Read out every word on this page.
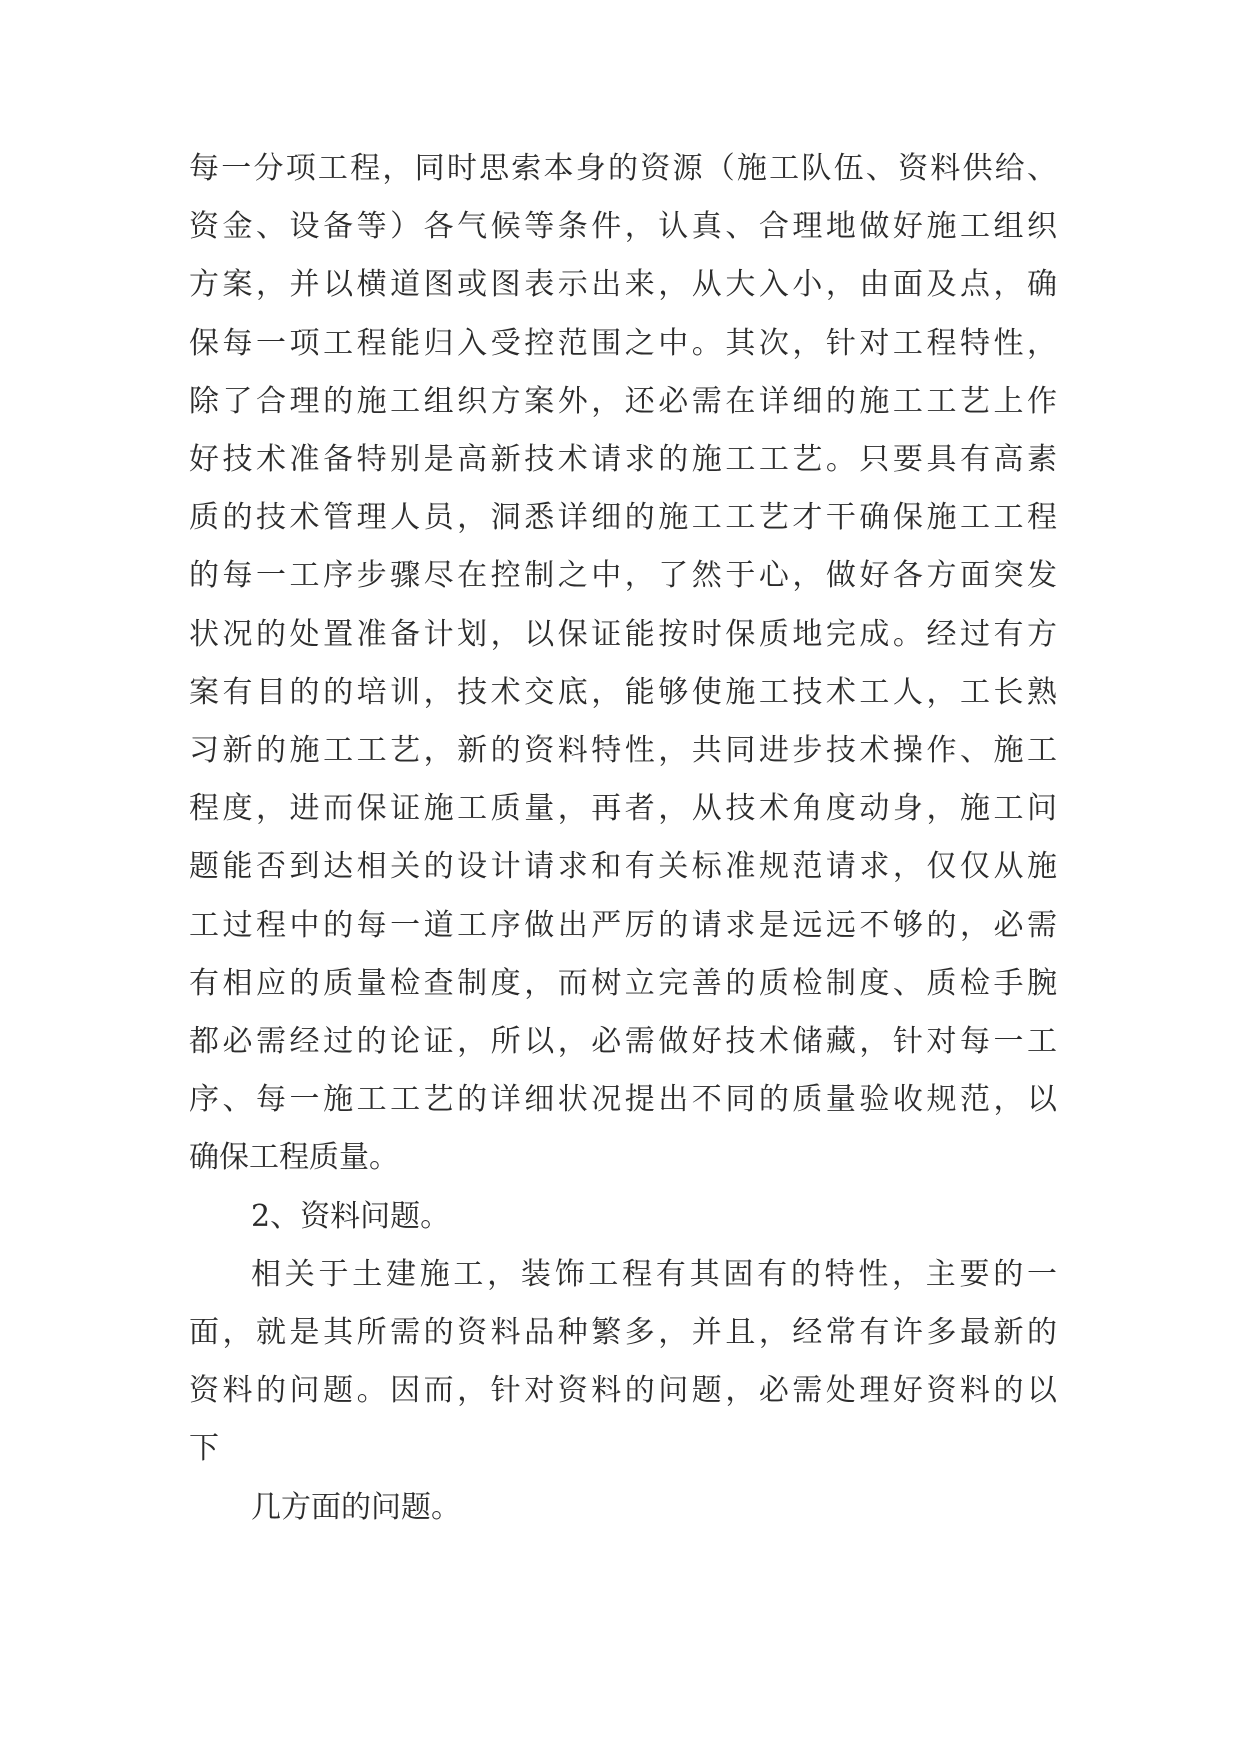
每一分项工程，同时思索本身的资源（施工队伍、资料供给、
资金、设备等）各气候等条件，认真、合理地做好施工组织
方案，并以横道图或图表示出来，从大入小，由面及点，确
保每一项工程能归入受控范围之中。其次，针对工程特性，
除了合理的施工组织方案外，还必需在详细的施工工艺上作
好技术准备特别是高新技术请求的施工工艺。只要具有高素
质的技术管理人员，洞悉详细的施工工艺才干确保施工工程
的每一工序步骤尽在控制之中，了然于心，做好各方面突发
状况的处置准备计划，以保证能按时保质地完成。经过有方
案有目的的培训，技术交底，能够使施工技术工人，工长熟
习新的施工工艺，新的资料特性，共同进步技术操作、施工
程度，进而保证施工质量，再者，从技术角度动身，施工问
题能否到达相关的设计请求和有关标准规范请求，仅仅从施
工过程中的每一道工序做出严厉的请求是远远不够的，必需
有相应的质量检查制度，而树立完善的质检制度、质检手腕
都必需经过的论证，所以，必需做好技术储藏，针对每一工
序、每一施工工艺的详细状况提出不同的质量验收规范，以
确保工程质量。
2、资料问题。
相关于土建施工，装饰工程有其固有的特性，主要的一
面，就是其所需的资料品种繁多，并且，经常有许多最新的
资料的问题。因而，针对资料的问题，必需处理好资料的以
下
几方面的问题。
